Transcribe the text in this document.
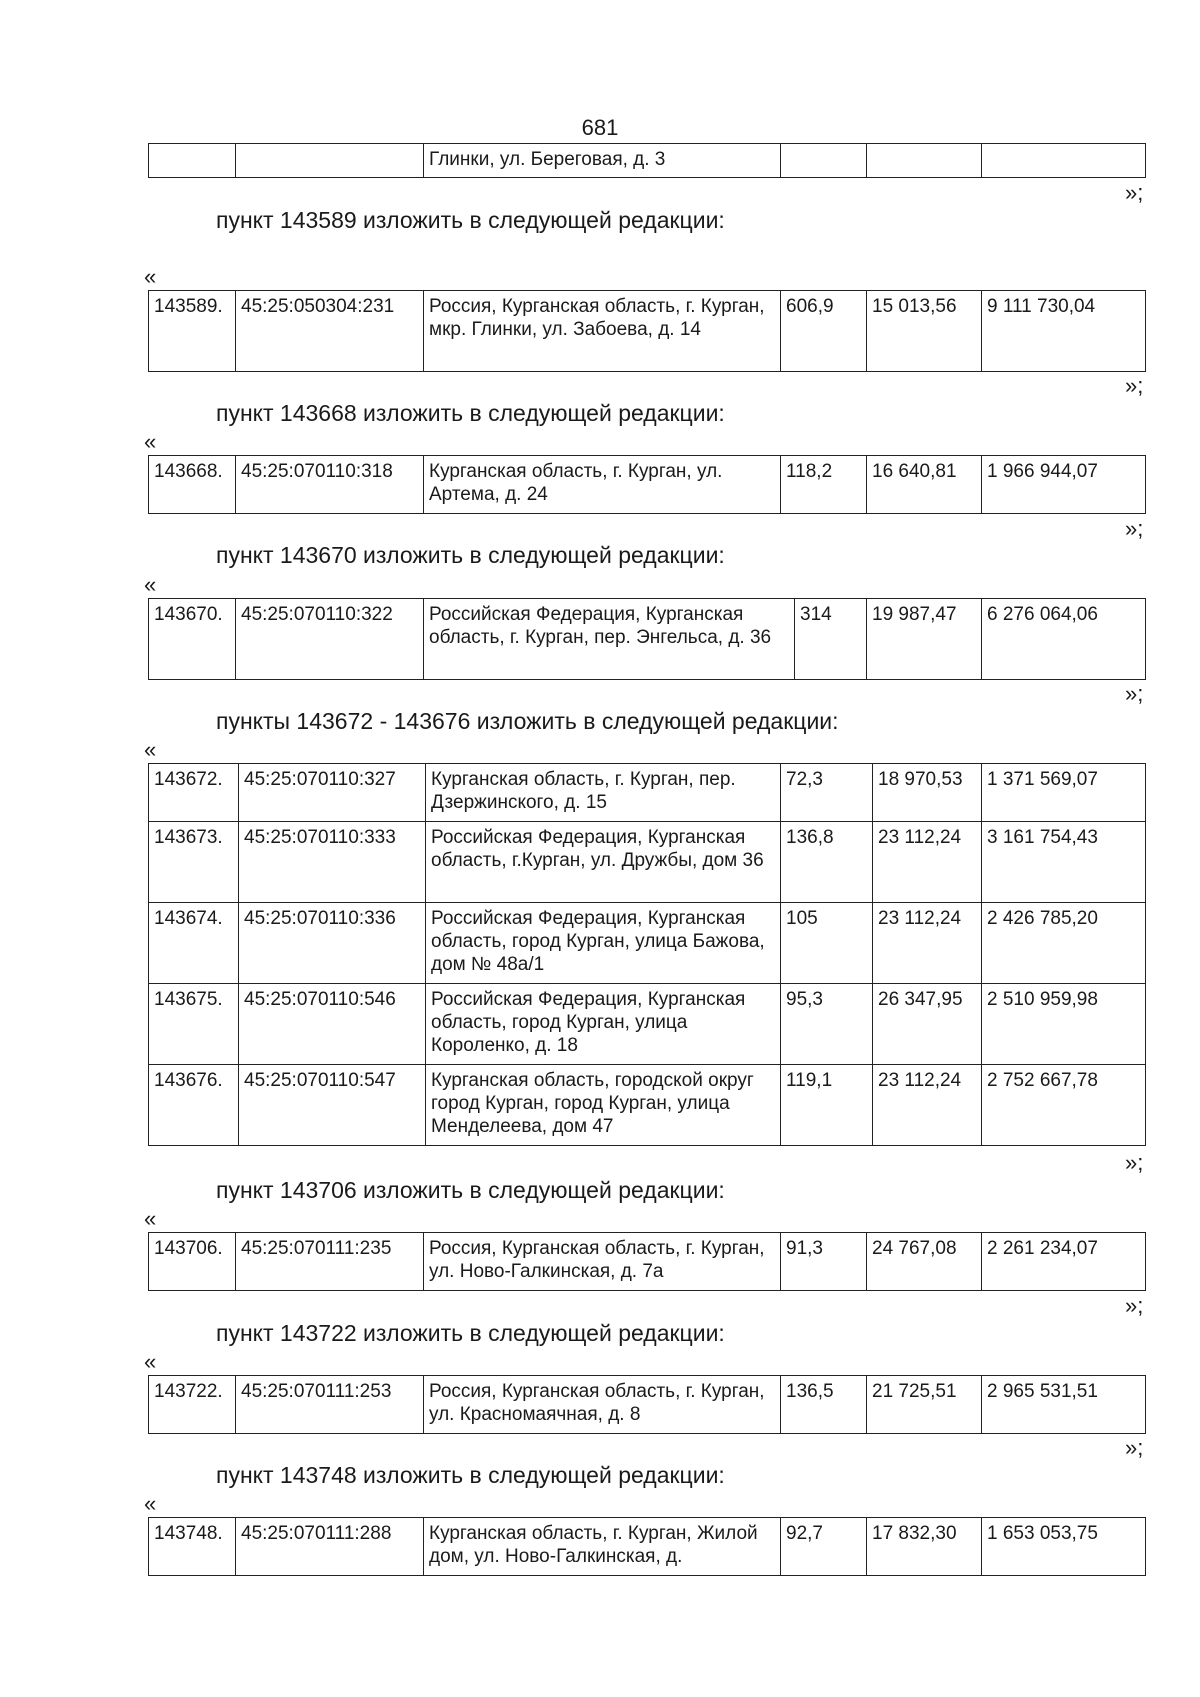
681
		Глинки, ул. Береговая, д. 3			
»;
пункт 143589 изложить в следующей редакции:
«
143589.	45:25:050304:231	Россия, Курганская область, г. Курган, мкр. Глинки, ул. Забоева, д. 14	606,9	15 013,56	9 111 730,04
»;
пункт 143668 изложить в следующей редакции:
«
143668.	45:25:070110:318	Курганская область, г. Курган, ул. Артема, д. 24	118,2	16 640,81	1 966 944,07
»;
пункт 143670 изложить в следующей редакции:
«
143670.	45:25:070110:322	Российская Федерация, Курганская область, г. Курган, пер. Энгельса, д. 36	314	19 987,47	6 276 064,06
»;
пункты 143672 - 143676 изложить в следующей редакции:
«
143672.	45:25:070110:327	Курганская область, г. Курган, пер. Дзержинского, д. 15	72,3	18 970,53	1 371 569,07
143673.	45:25:070110:333	Российская Федерация, Курганская область, г.Курган, ул. Дружбы, дом 36	136,8	23 112,24	3 161 754,43
143674.	45:25:070110:336	Российская Федерация, Курганская область, город Курган, улица Бажова, дом № 48а/1	105	23 112,24	2 426 785,20
143675.	45:25:070110:546	Российская Федерация, Курганская область, город Курган, улица Короленко, д. 18	95,3	26 347,95	2 510 959,98
143676.	45:25:070110:547	Курганская область, городской округ город Курган, город Курган, улица Менделеева, дом 47	119,1	23 112,24	2 752 667,78
»;
пункт 143706 изложить в следующей редакции:
«
143706.	45:25:070111:235	Россия, Курганская область, г. Курган, ул. Ново-Галкинская, д. 7а	91,3	24 767,08	2 261 234,07
»;
пункт 143722 изложить в следующей редакции:
«
143722.	45:25:070111:253	Россия, Курганская область, г. Курган, ул. Красномаячная, д. 8	136,5	21 725,51	2 965 531,51
»;
пункт 143748 изложить в следующей редакции:
«
143748.	45:25:070111:288	Курганская область, г. Курган, Жилой дом, ул. Ново-Галкинская, д.	92,7	17 832,30	1 653 053,75
